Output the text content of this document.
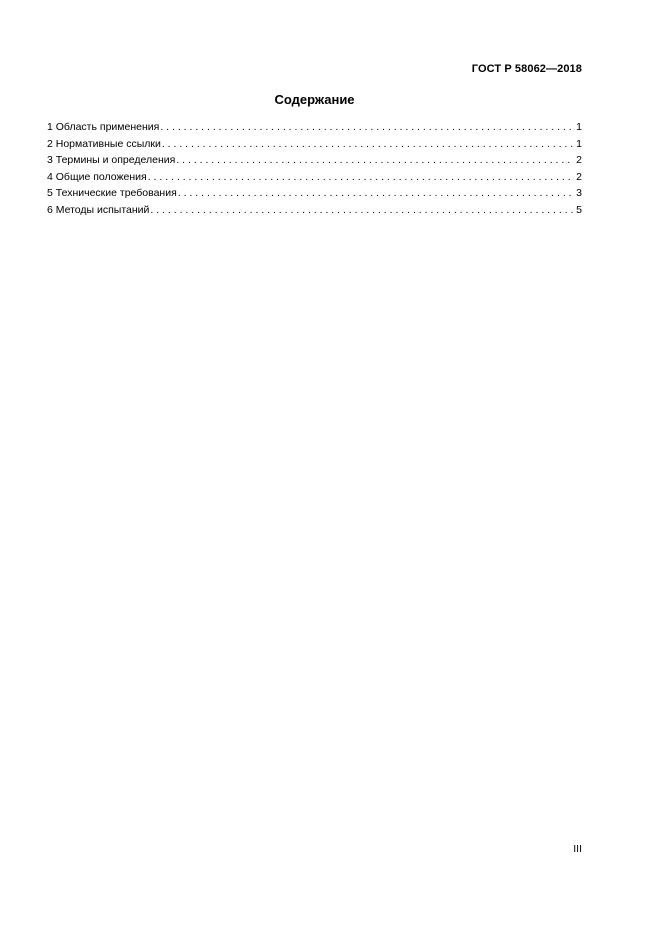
ГОСТ Р 58062—2018
Содержание
1 Область применения . . .	1
2 Нормативные ссылки . . .	1
3 Термины и определения . . .	2
4 Общие положения . . .	2
5 Технические требования . . .	3
6 Методы испытаний . . .	5
III
